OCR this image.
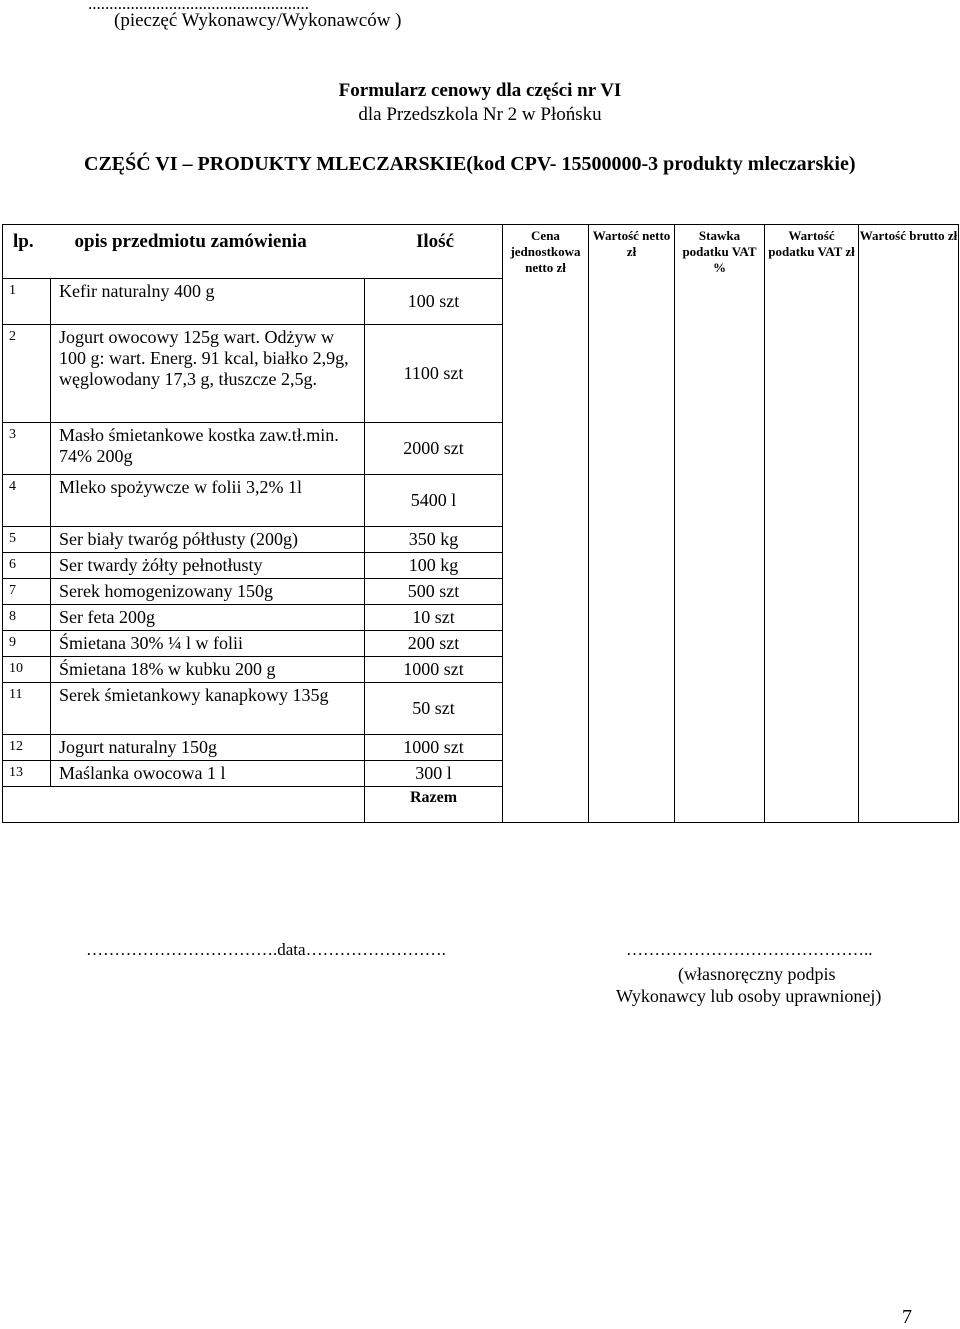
....................................................
(pieczęć Wykonawcy/Wykonawców )
Formularz cenowy dla części nr VI
dla Przedszkola Nr 2 w Płońsku
CZĘŚĆ VI – PRODUKTY MLECZARSKIE(kod CPV- 15500000-3 produkty mleczarskie)
lp.	opis przedmiotu zamówienia	Ilość	Cena jednostkowa netto zł	Wartość netto zł	Stawka podatku VAT %	Wartość podatku VAT zł	Wartość brutto zł
1	Kefir naturalny 400 g	100 szt					
2	Jogurt owocowy 125g wart. Odżyw w 100 g: wart. Energ. 91 kcal, białko 2,9g, węglowodany 17,3 g, tłuszcze 2,5g.	1100 szt					
3	Masło śmietankowe kostka zaw.tł.min. 74% 200g	2000 szt					
4	Mleko spożywcze w folii 3,2% 1l	5400 l					
5	Ser biały twaróg półtłusty (200g)	350 kg					
6	Ser twardy żółty pełnotłusty	100 kg					
7	Serek homogenizowany 150g	500 szt					
8	Ser feta 200g	10 szt					
9	Śmietana 30% ¼ l w folii	200 szt					
10	Śmietana 18% w kubku 200 g	1000 szt					
11	Serek śmietankowy kanapkowy 135g	50 szt					
12	Jogurt naturalny 150g	1000 szt					
13	Maślanka owocowa 1 l	300 l					
		Razem					
…………………………….data…………………….	……………………………………..
(własnoręczny podpis
Wykonawcy lub osoby uprawnionej)
7
